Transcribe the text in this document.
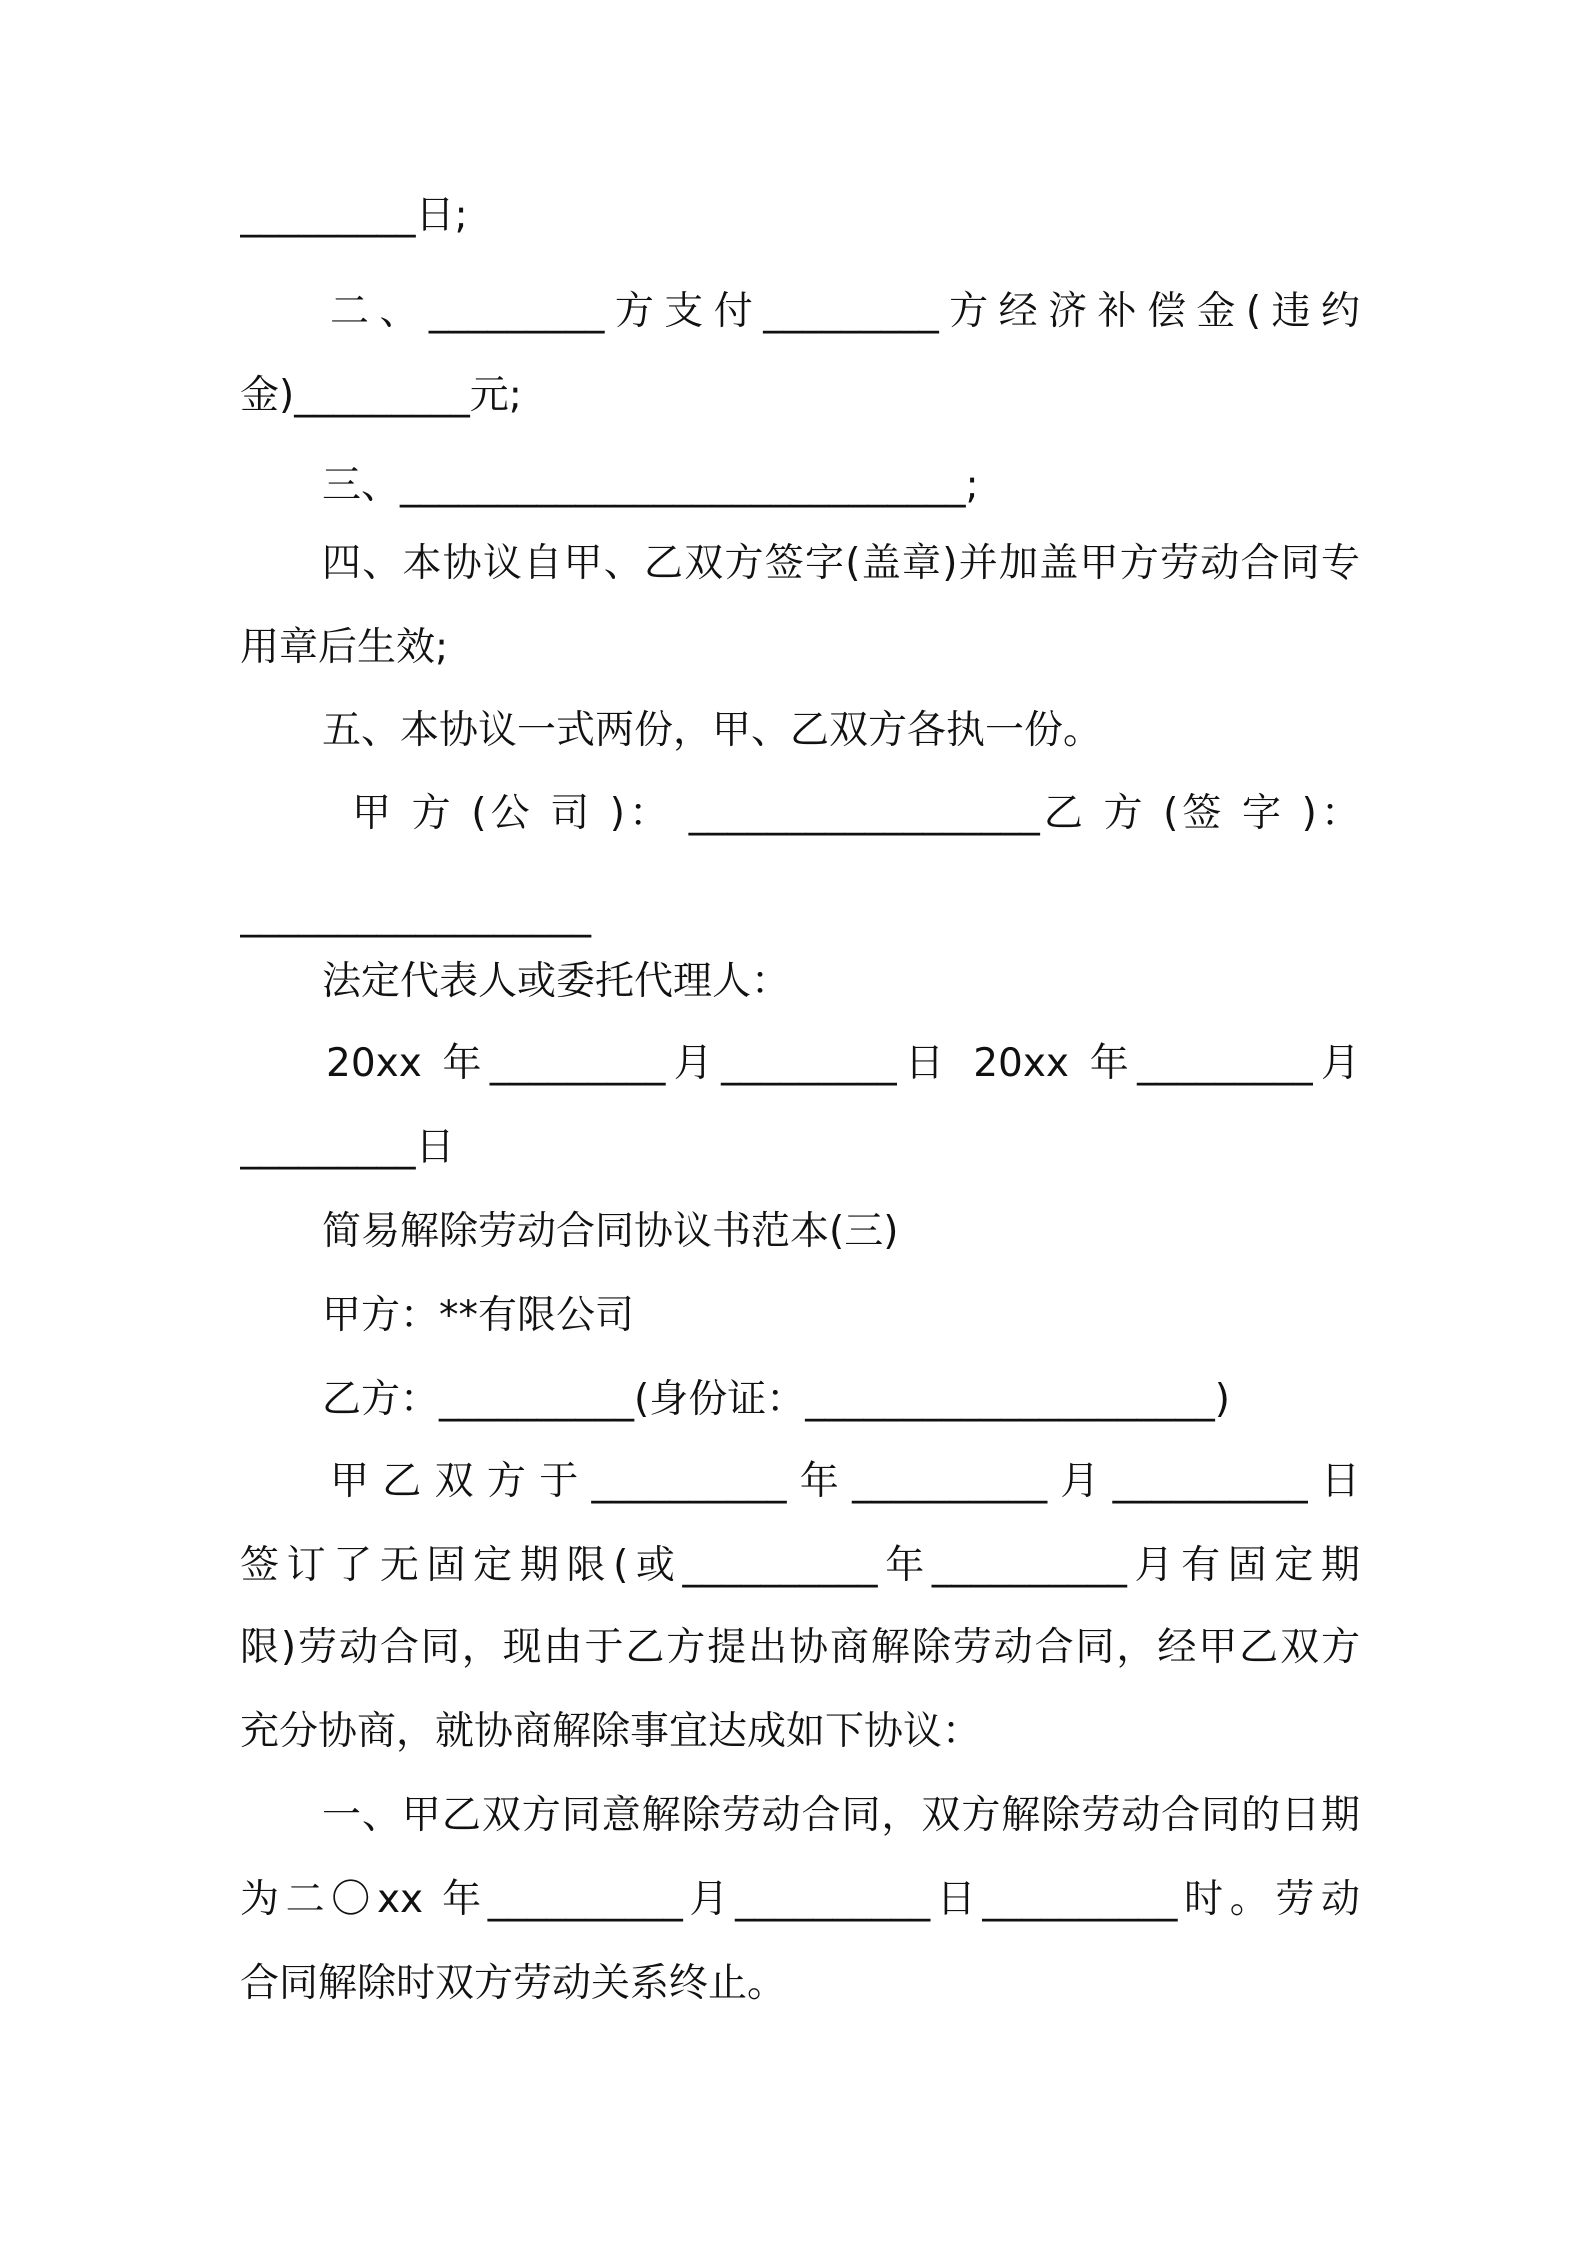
_________日;
二、_________方支付_________方经济补偿金(违约
金)_________元;
三、_____________________________;
四、本协议自甲、乙双方签字(盖章)并加盖甲方劳动合同专
用章后生效;
五、本协议一式两份，甲、乙双方各执一份。
甲 方 (公 司 )： __________________乙 方 (签 字 )：
__________________
法定代表人或委托代理人：
20xx 年_________月_________日 20xx 年_________月
_________日
简易解除劳动合同协议书范本(三)
甲方：**有限公司
乙方：__________(身份证：_____________________)
甲乙双方于__________年__________月__________日
签订了无固定期限(或__________年__________月有固定期
限)劳动合同，现由于乙方提出协商解除劳动合同，经甲乙双方
充分协商，就协商解除事宜达成如下协议：
一、甲乙双方同意解除劳动合同，双方解除劳动合同的日期
为二〇xx 年__________月__________日__________时。劳动
合同解除时双方劳动关系终止。
